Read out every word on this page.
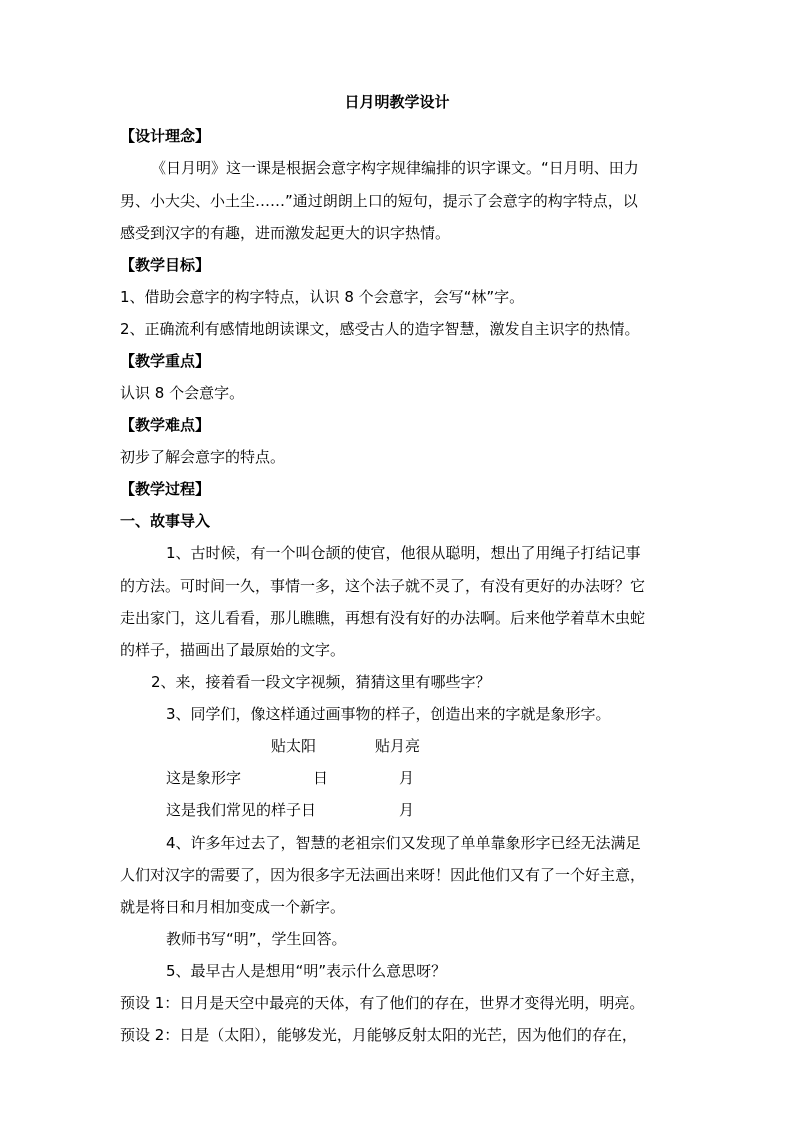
日月明教学设计
【设计理念】
《日月明》这一课是根据会意字构字规律编排的识字课文。“日月明、田力
男、小大尖、小土尘……”通过朗朗上口的短句，提示了会意字的构字特点，以
感受到汉字的有趣，进而激发起更大的识字热情。
【教学目标】
1、借助会意字的构字特点，认识 8 个会意字，会写“林”字。
2、正确流利有感情地朗读课文，感受古人的造字智慧，激发自主识字的热情。
【教学重点】
认识 8 个会意字。
【教学难点】
初步了解会意字的特点。
【教学过程】
一、故事导入
1、古时候，有一个叫仓颉的使官，他很从聪明，想出了用绳子打结记事
的方法。可时间一久，事情一多，这个法子就不灵了，有没有更好的办法呀？它
走出家门，这儿看看，那儿瞧瞧，再想有没有好的办法啊。后来他学着草木虫蛇
的样子，描画出了最原始的文字。
2、来，接着看一段文字视频，猜猜这里有哪些字？
3、同学们，像这样通过画事物的样子，创造出来的字就是象形字。
贴太阳	贴月亮
这是象形字	日	月
这是我们常见的样子日	月
4、许多年过去了，智慧的老祖宗们又发现了单单靠象形字已经无法满足
人们对汉字的需要了，因为很多字无法画出来呀！因此他们又有了一个好主意，
就是将日和月相加变成一个新字。
教师书写“明”，学生回答。
5、最早古人是想用“明”表示什么意思呀？
预设 1：日月是天空中最亮的天体，有了他们的存在，世界才变得光明，明亮。
预设 2：日是（太阳），能够发光，月能够反射太阳的光芒，因为他们的存在，
